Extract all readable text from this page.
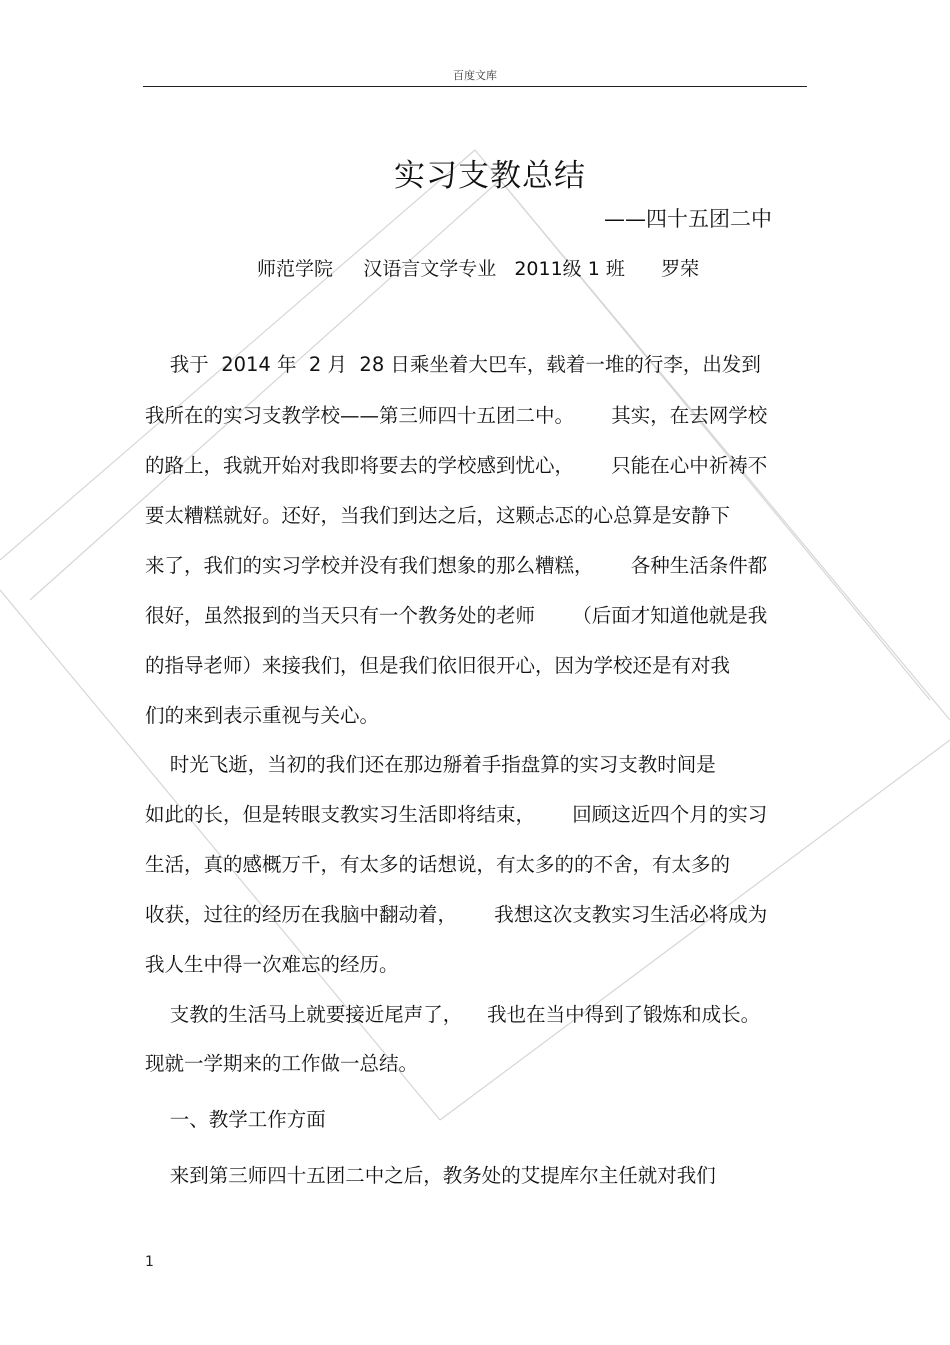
百度文库
实习支教总结
——四十五团二中
师范学院     汉语言文学专业   2011级 1 班      罗荣
我于  2014 年  2 月  28 日乘坐着大巴车，载着一堆的行李，出发到
我所在的实习支教学校——第三师四十五团二中。      其实，在去网学校
的路上，我就开始对我即将要去的学校感到忧心，      只能在心中祈祷不
要太糟糕就好。还好，当我们到达之后，这颗忐忑的心总算是安静下
来了，我们的实习学校并没有我们想象的那么糟糕，      各种生活条件都
很好，虽然报到的当天只有一个教务处的老师      （后面才知道他就是我
的指导老师）来接我们，但是我们依旧很开心，因为学校还是有对我
们的来到表示重视与关心。
时光飞逝，当初的我们还在那边掰着手指盘算的实习支教时间是
如此的长，但是转眼支教实习生活即将结束，      回顾这近四个月的实习
生活，真的感概万千，有太多的话想说，有太多的的不舍，有太多的
收获，过往的经历在我脑中翻动着，      我想这次支教实习生活必将成为
我人生中得一次难忘的经历。
支教的生活马上就要接近尾声了，    我也在当中得到了锻炼和成长。
现就一学期来的工作做一总结。
一、教学工作方面
来到第三师四十五团二中之后，教务处的艾提库尔主任就对我们
1
